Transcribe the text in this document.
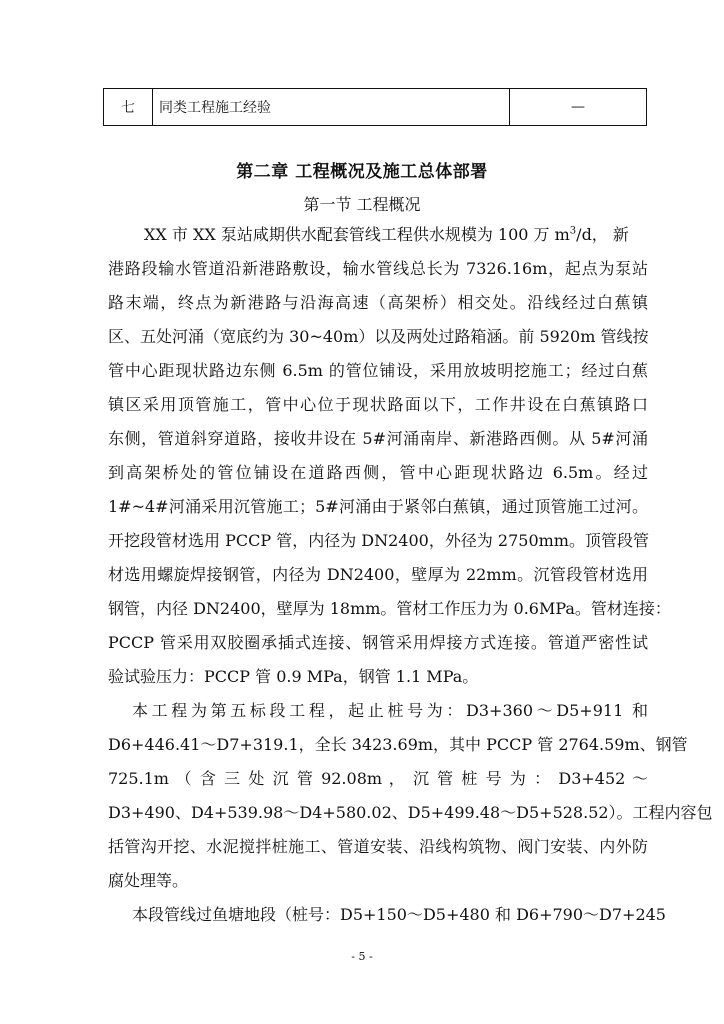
七	同类工程施工经验	—
第二章 工程概况及施工总体部署
第一节 工程概况
XX 市 XX 泵站咸期供水配套管线工程供水规模为 100 万 $m^3/d$， 新
港路段输水管道沿新港路敷设，输水管线总长为 7326.16m，起点为泵站
路末端，终点为新港路与沿海高速（高架桥）相交处。沿线经过白蕉镇
区、五处河涌（宽底约为 30~40m）以及两处过路箱涵。前 5920m 管线按
管中心距现状路边东侧 6.5m 的管位铺设，采用放坡明挖施工；经过白蕉
镇区采用顶管施工，管中心位于现状路面以下，工作井设在白蕉镇路口
东侧，管道斜穿道路，接收井设在 5#河涌南岸、新港路西侧。从 5#河涌
到高架桥处的管位铺设在道路西侧，管中心距现状路边 6.5m。经过
1#~4#河涌采用沉管施工；5#河涌由于紧邻白蕉镇，通过顶管施工过河。
开挖段管材选用 PCCP 管，内径为 DN2400，外径为 2750mm。顶管段管
材选用螺旋焊接钢管，内径为 DN2400，壁厚为 22mm。沉管段管材选用
钢管，内径 DN2400，壁厚为 18mm。管材工作压力为 0.6MPa。管材连接：
PCCP 管采用双胶圈承插式连接、钢管采用焊接方式连接。管道严密性试
验试验压力：PCCP 管 0.9 MPa，钢管 1.1 MPa。
本工程为第五标段工程，起止桩号为：D3+360～D5+911 和
D6+446.41～D7+319.1，全长 3423.69m，其中 PCCP 管 2764.59m、钢管
725.1m （ 含 三 处 沉 管 92.08m ， 沉 管 桩 号 为 ： D3+452 ～
D3+490、D4+539.98～D4+580.02、D5+499.48～D5+528.52）。工程内容包
括管沟开挖、水泥搅拌桩施工、管道安装、沿线构筑物、阀门安装、内外防
腐处理等。
本段管线过鱼塘地段（桩号：D5+150～D5+480 和 D6+790～D7+245
- 5 -
